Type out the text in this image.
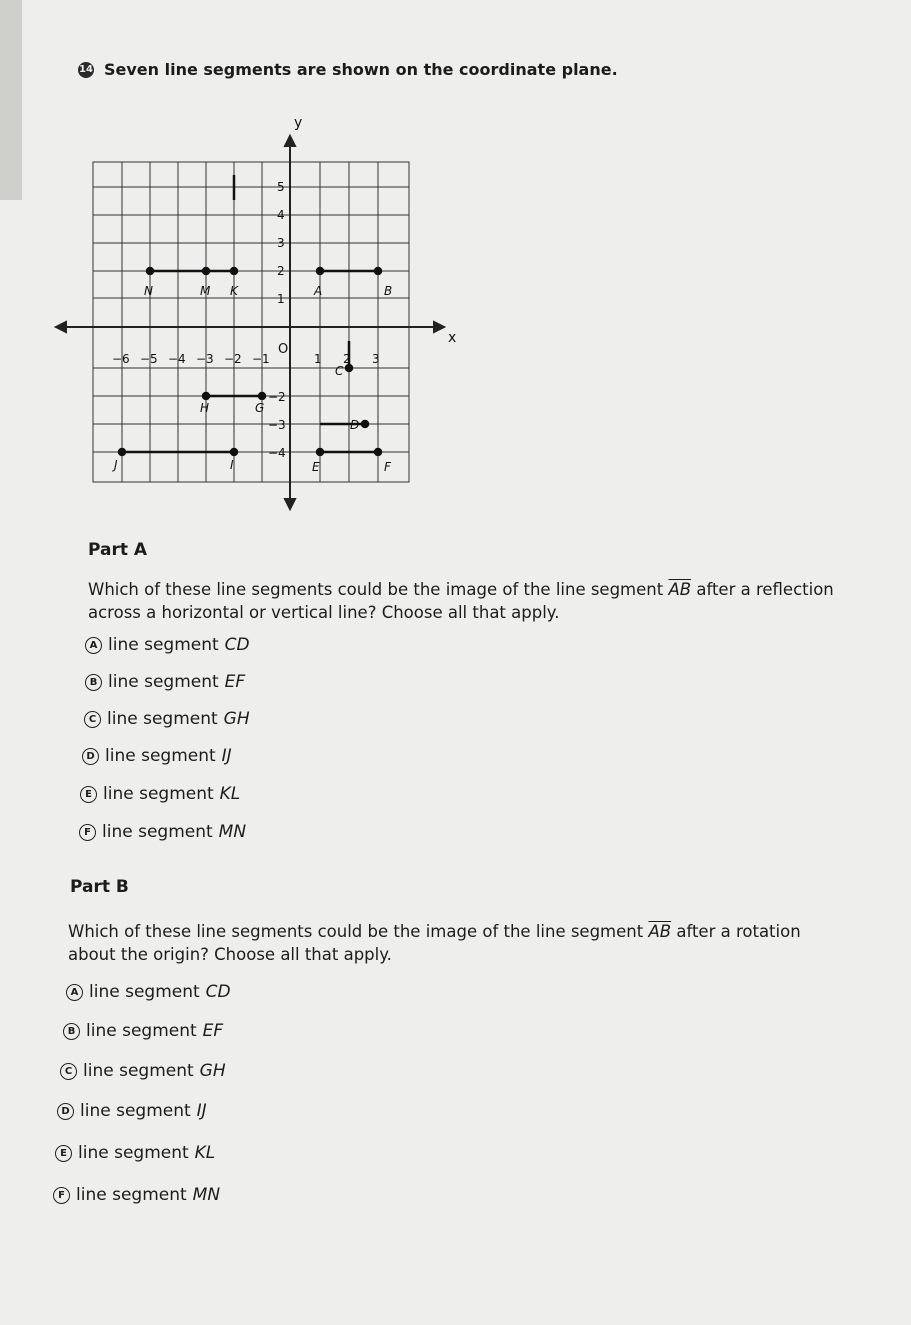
14 Seven line segments are shown on the coordinate plane.
x
y
O
−6 −5 −4 −3 −2 −1	1 2 3
1
2
3
4
5
−2
−3
−4
A	B
C
D
E	F
G
H
I
J
K
M
N
Part A
Which of these line segments could be the image of the line segment $\overline{AB}$ after a reflection
across a horizontal or vertical line? Choose all that apply.
A line segment CD
B line segment EF
C line segment GH
D line segment IJ
E line segment KL
F line segment MN
Part B
Which of these line segments could be the image of the line segment $\overline{AB}$ after a rotation
about the origin? Choose all that apply.
A line segment CD
B line segment EF
C line segment GH
D line segment IJ
E line segment KL
F line segment MN
